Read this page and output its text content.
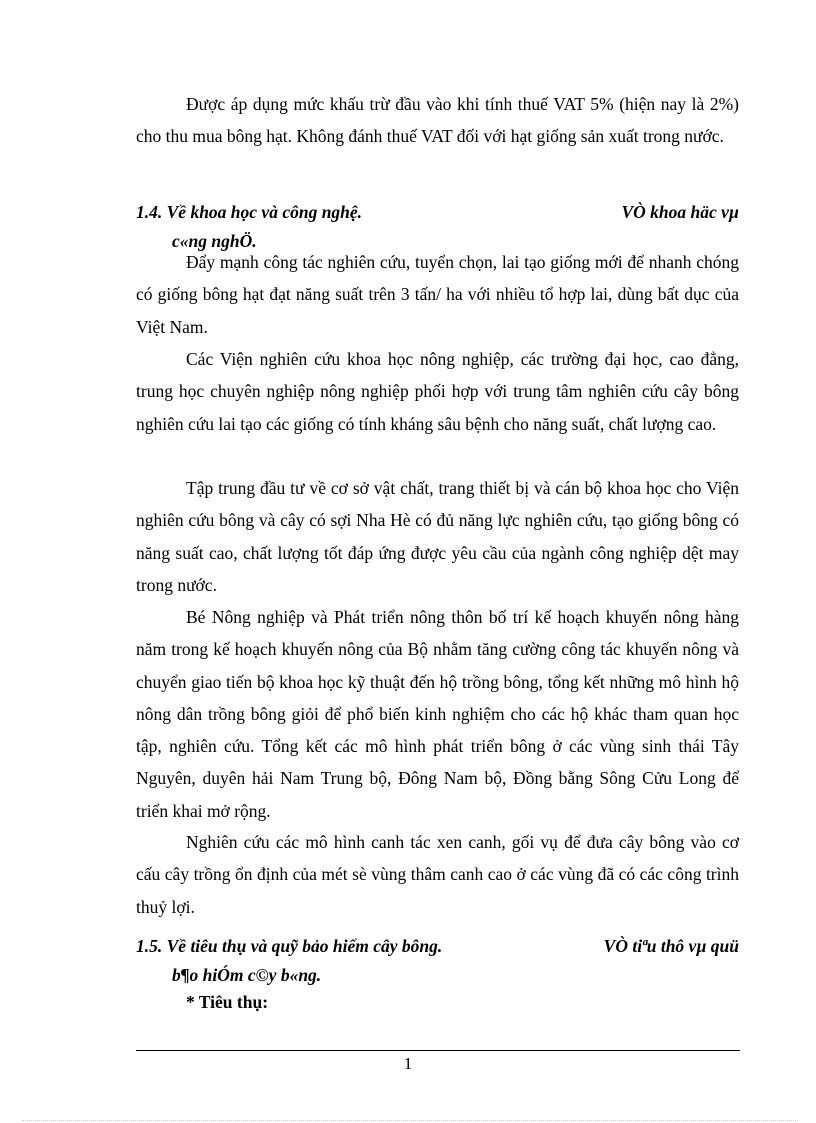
Được áp dụng mức khấu trừ đầu vào khi tính thuế VAT 5% (hiện nay là 2%) cho thu mua bông hạt. Không đánh thuế VAT đối với hạt giống sản xuất trong nước.

1.4. Về khoa học và công nghệ.	VÒ khoa häc vµ
c«ng nghÖ.

Đẩy mạnh công tác nghiên cứu, tuyển chọn, lai tạo giống mới để nhanh chóng có giống bông hạt đạt năng suất trên 3 tấn/ ha với nhiều tổ hợp lai, dùng bất dục của Việt Nam.

Các Viện nghiên cứu khoa học nông nghiệp, các trường đại học, cao đẳng, trung học chuyên nghiệp nông nghiệp phối hợp với trung tâm nghiên cứu cây bông nghiên cứu lai tạo các giống có tính kháng sâu bệnh cho năng suất, chất lượng cao.

Tập trung đầu tư về cơ sở vật chất, trang thiết bị và cán bộ khoa học cho Viện nghiên cứu bông và cây có sợi Nha Hè có đủ năng lực nghiên cứu, tạo giống bông có năng suất cao, chất lượng tốt đáp ứng được yêu cầu của ngành công nghiệp dệt may trong nước.

Bé Nông nghiệp và Phát triển nông thôn bố trí kế hoạch khuyến nông hàng năm trong kế hoạch khuyến nông của Bộ nhằm tăng cường công tác khuyến nông và chuyển giao tiến bộ khoa học kỹ thuật đến hộ trồng bông, tổng kết những mô hình hộ nông dân trồng bông giỏi để phổ biến kinh nghiệm cho các hộ khác tham quan học tập, nghiên cứu. Tổng kết các mô hình phát triển bông ở các vùng sinh thái Tây Nguyên, duyên hải Nam Trung bộ, Đông Nam bộ, Đồng bằng Sông Cửu Long để triển khai mở rộng.

Nghiên cứu các mô hình canh tác xen canh, gối vụ để đưa cây bông vào cơ cấu cây trồng ổn định của mét sè vùng thâm canh cao ở các vùng đã có các công trình thuỷ lợi.

1.5. Về tiêu thụ và quỹ bảo hiểm cây bông.	VÒ tiªu thô vµ quü
b¶o hiÓm c©y b«ng.
* Tiêu thụ:
1
